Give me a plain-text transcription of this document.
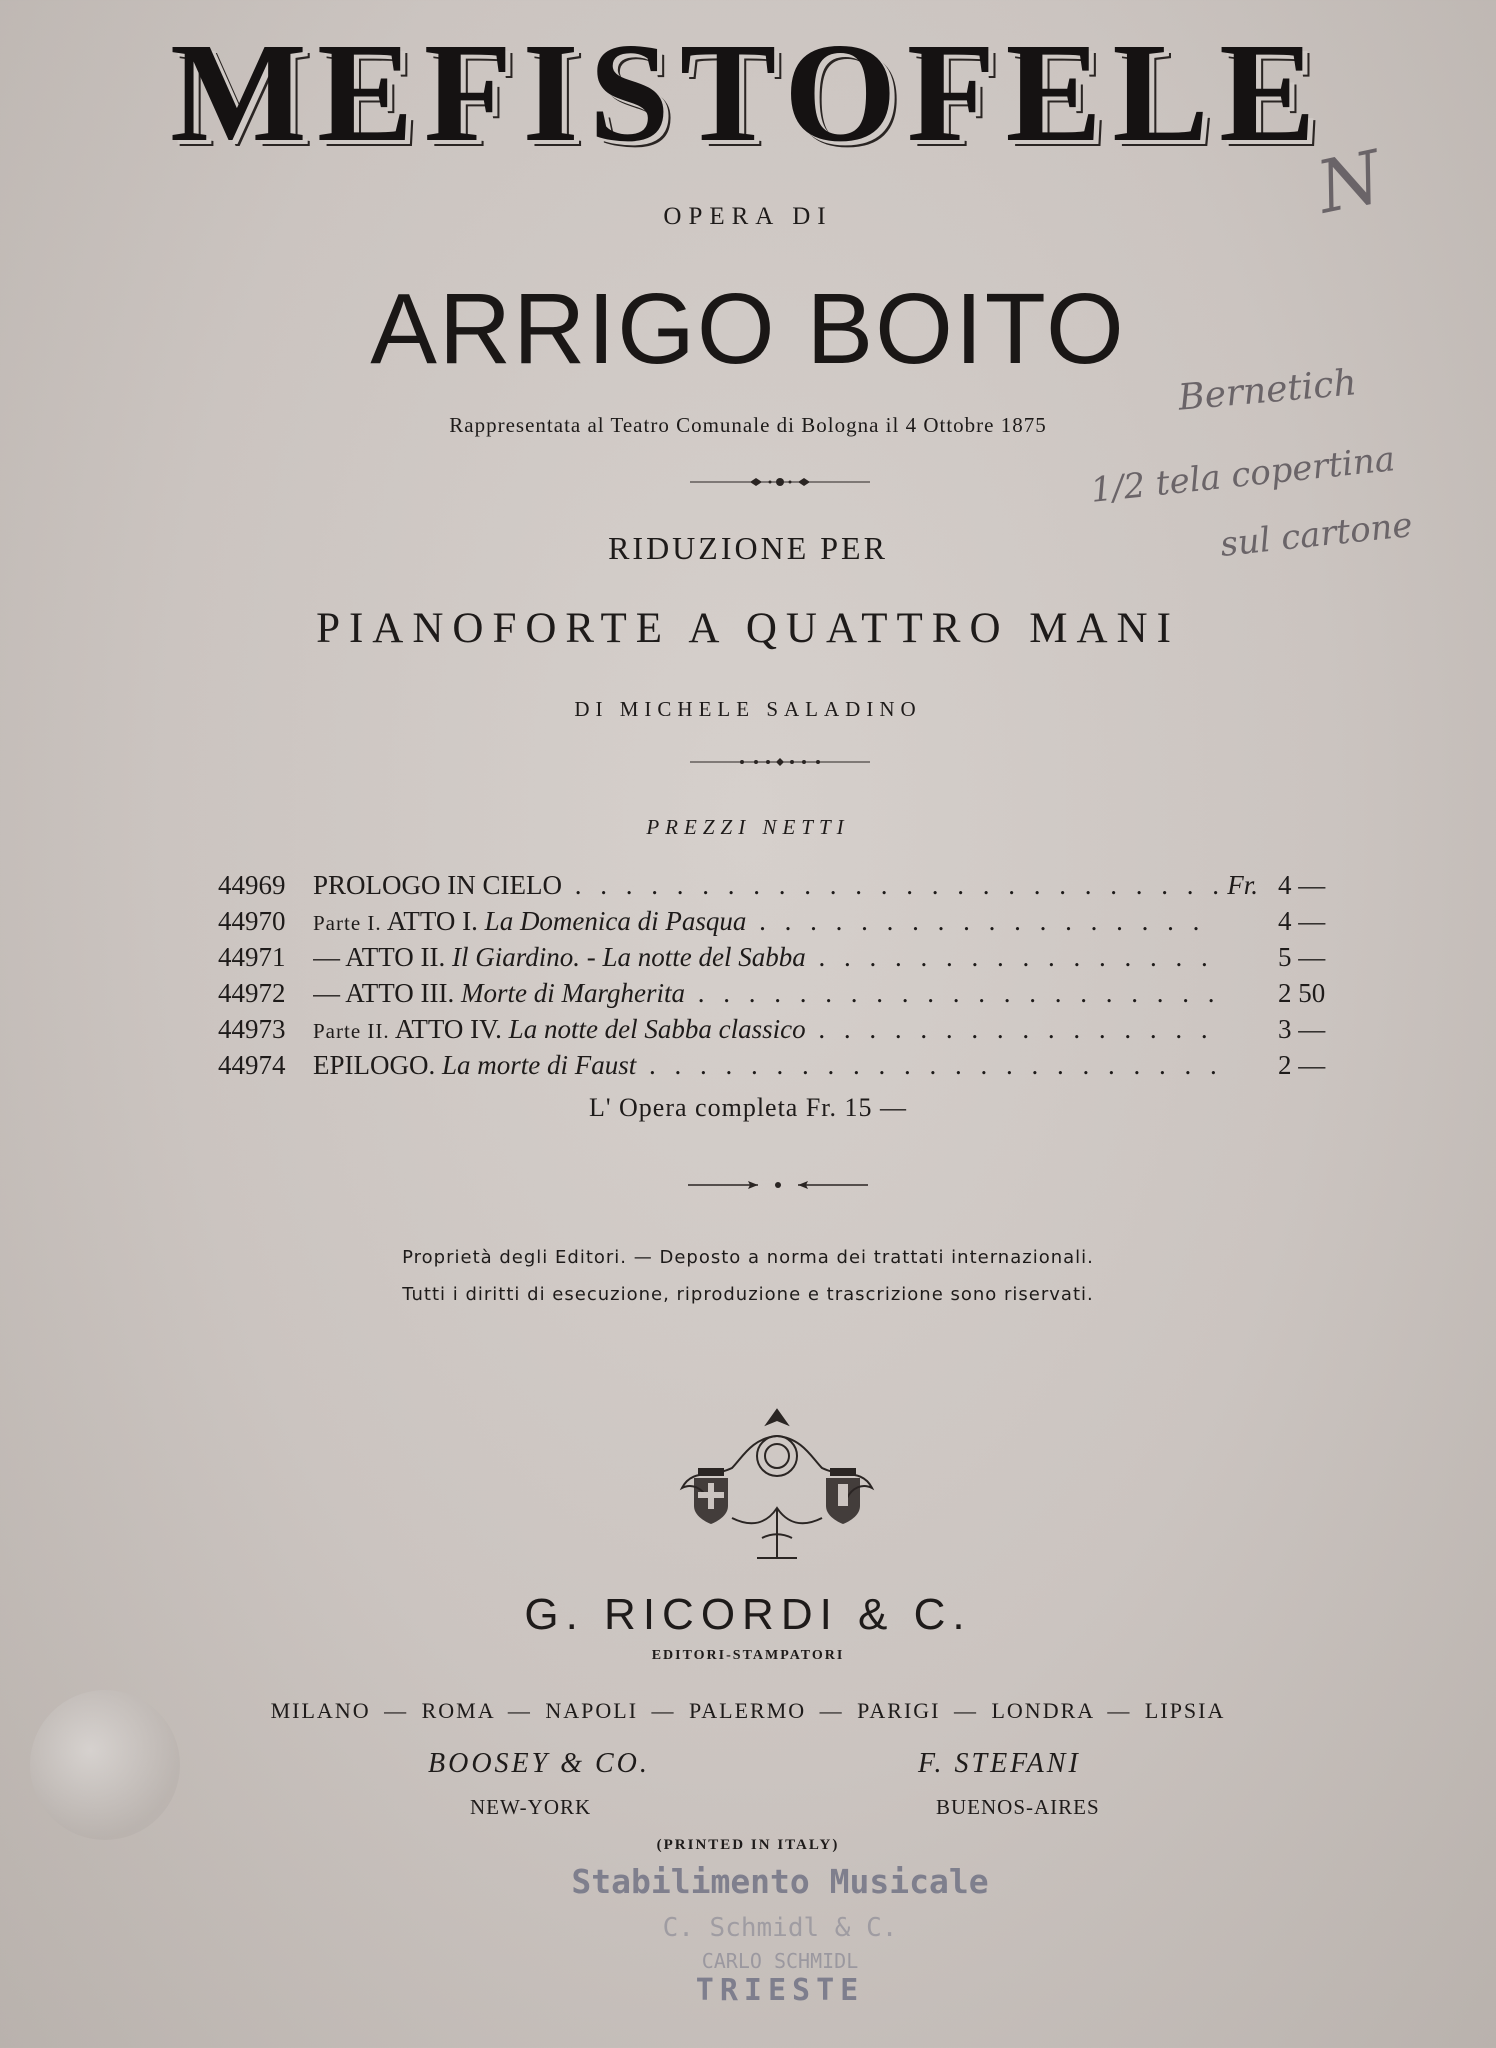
MEFISTOFELE
OPERA DI
ARRIGO BOITO
Rappresentata al Teatro Comunale di Bologna il 4 Ottobre 1875
RIDUZIONE PER
PIANOFORTE A QUATTRO MANI
DI MICHELE SALADINO
PREZZI NETTI
44969 PROLOGO IN CIELO . . .	Fr. 4 —
44970 Parte I. ATTO I. La Domenica di Pasqua . . .	4 —
44971 — ATTO II. Il Giardino. - La notte del Sabba . . .	5 —
44972 — ATTO III. Morte di Margherita . . .	2 50
44973 Parte II. ATTO IV. La notte del Sabba classico . . .	3 —
44974 EPILOGO. La morte di Faust . . .	2 —
L' Opera completa Fr. 15 —
Proprietà degli Editori. — Deposto a norma dei trattati internazionali.
Tutti i diritti di esecuzione, riproduzione e trascrizione sono riservati.
G. RICORDI & C.
EDITORI-STAMPATORI
MILANO — ROMA — NAPOLI — PALERMO — PARIGI — LONDRA — LIPSIA
BOOSEY & CO.
NEW-YORK
F. STEFANI
BUENOS-AIRES
(PRINTED IN ITALY)
Stabilimento Musicale
C. Schmidl & C.
CARLO SCHMIDL
TRIESTE
N
Bernetich
1/2 tela copertina
sul cartone
